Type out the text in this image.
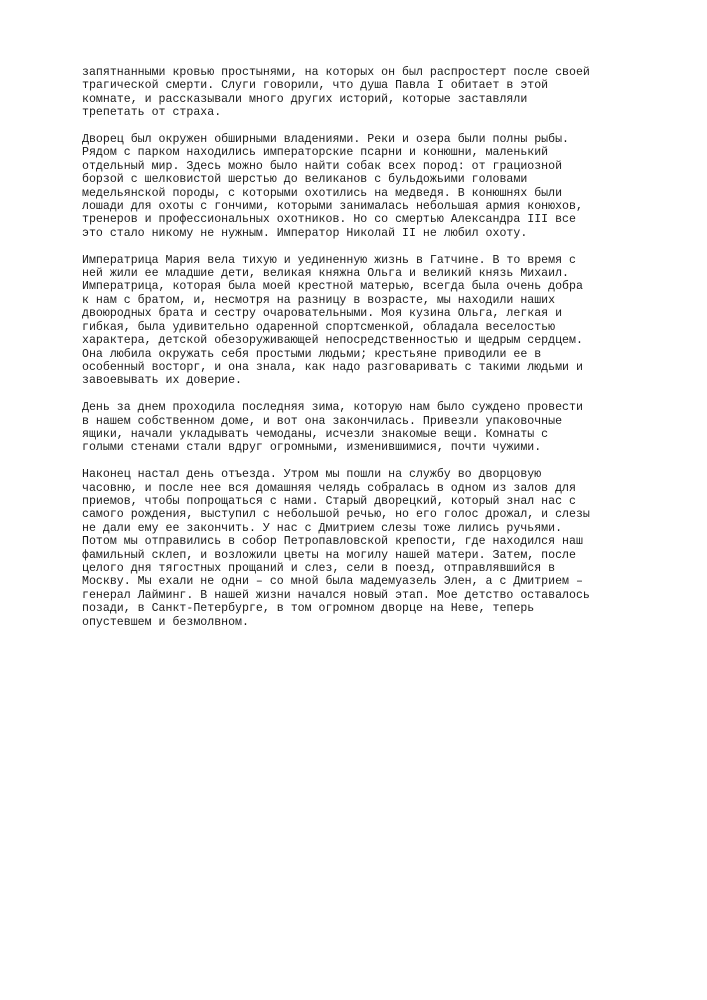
запятнанными кровью простынями, на которых он был распростерт после своей
трагической смерти. Слуги говорили, что душа Павла I обитает в этой
комнате, и рассказывали много других историй, которые заставляли
трепетать от страха.

Дворец был окружен обширными владениями. Реки и озера были полны рыбы.
Рядом с парком находились императорские псарни и конюшни, маленький
отдельный мир. Здесь можно было найти собак всех пород: от грациозной
борзой с шелковистой шерстью до великанов с бульдожьими головами
медельянской породы, с которыми охотились на медведя. В конюшнях были
лошади для охоты с гончими, которыми занималась небольшая армия конюхов,
тренеров и профессиональных охотников. Но со смертью Александра III все
это стало никому не нужным. Император Николай II не любил охоту.

Императрица Мария вела тихую и уединенную жизнь в Гатчине. В то время с
ней жили ее младшие дети, великая княжна Ольга и великий князь Михаил.
Императрица, которая была моей крестной матерью, всегда была очень добра
к нам с братом, и, несмотря на разницу в возрасте, мы находили наших
двоюродных брата и сестру очаровательными. Моя кузина Ольга, легкая и
гибкая, была удивительно одаренной спортсменкой, обладала веселостью
характера, детской обезоруживающей непосредственностью и щедрым сердцем.
Она любила окружать себя простыми людьми; крестьяне приводили ее в
особенный восторг, и она знала, как надо разговаривать с такими людьми и
завоевывать их доверие.

День за днем проходила последняя зима, которую нам было суждено провести
в нашем собственном доме, и вот она закончилась. Привезли упаковочные
ящики, начали укладывать чемоданы, исчезли знакомые вещи. Комнаты с
голыми стенами стали вдруг огромными, изменившимися, почти чужими.

Наконец настал день отъезда. Утром мы пошли на службу во дворцовую
часовню, и после нее вся домашняя челядь собралась в одном из залов для
приемов, чтобы попрощаться с нами. Старый дворецкий, который знал нас с
самого рождения, выступил с небольшой речью, но его голос дрожал, и слезы
не дали ему ее закончить. У нас с Дмитрием слезы тоже лились ручьями.
Потом мы отправились в собор Петропавловской крепости, где находился наш
фамильный склеп, и возложили цветы на могилу нашей матери. Затем, после
целого дня тягостных прощаний и слез, сели в поезд, отправлявшийся в
Москву. Мы ехали не одни – со мной была мадемуазель Элен, а с Дмитрием –
генерал Лайминг. В нашей жизни начался новый этап. Мое детство оставалось
позади, в Санкт-Петербурге, в том огромном дворце на Неве, теперь
опустевшем и безмолвном.
